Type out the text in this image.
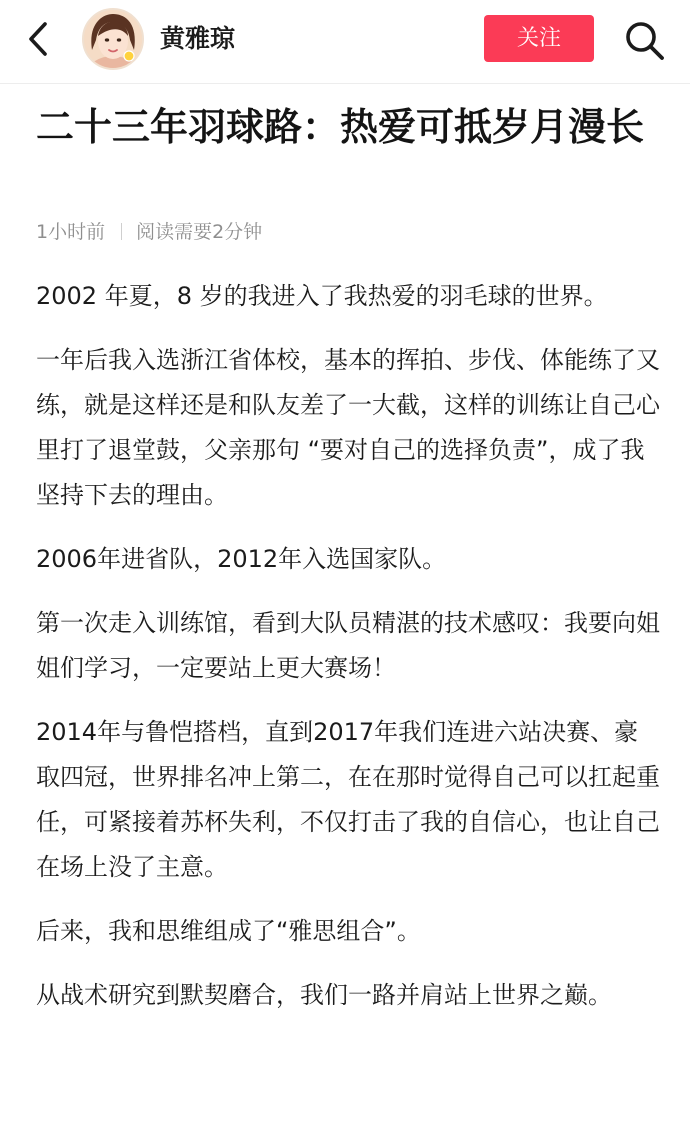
黄雅琼	关注
二十三年羽球路：热爱可抵岁月漫长
1小时前 阅读需要2分钟

2002 年夏，8 岁的我进入了我热爱的羽毛球的世界。

一年后我入选浙江省体校，基本的挥拍、步伐、体能练了又练，就是这样还是和队友差了一大截，这样的训练让自己心里打了退堂鼓，父亲那句 “要对自己的选择负责”，成了我坚持下去的理由。

2006年进省队，2012年入选国家队。

第一次走入训练馆，看到大队员精湛的技术感叹：我要向姐姐们学习，一定要站上更大赛场！

2014年与鲁恺搭档，直到2017年我们连进六站决赛、豪取四冠，世界排名冲上第二，在在那时觉得自己可以扛起重任，可紧接着苏杯失利，不仅打击了我的自信心，也让自己在场上没了主意。

后来，我和思维组成了“雅思组合”。

从战术研究到默契磨合，我们一路并肩站上世界之巅。
